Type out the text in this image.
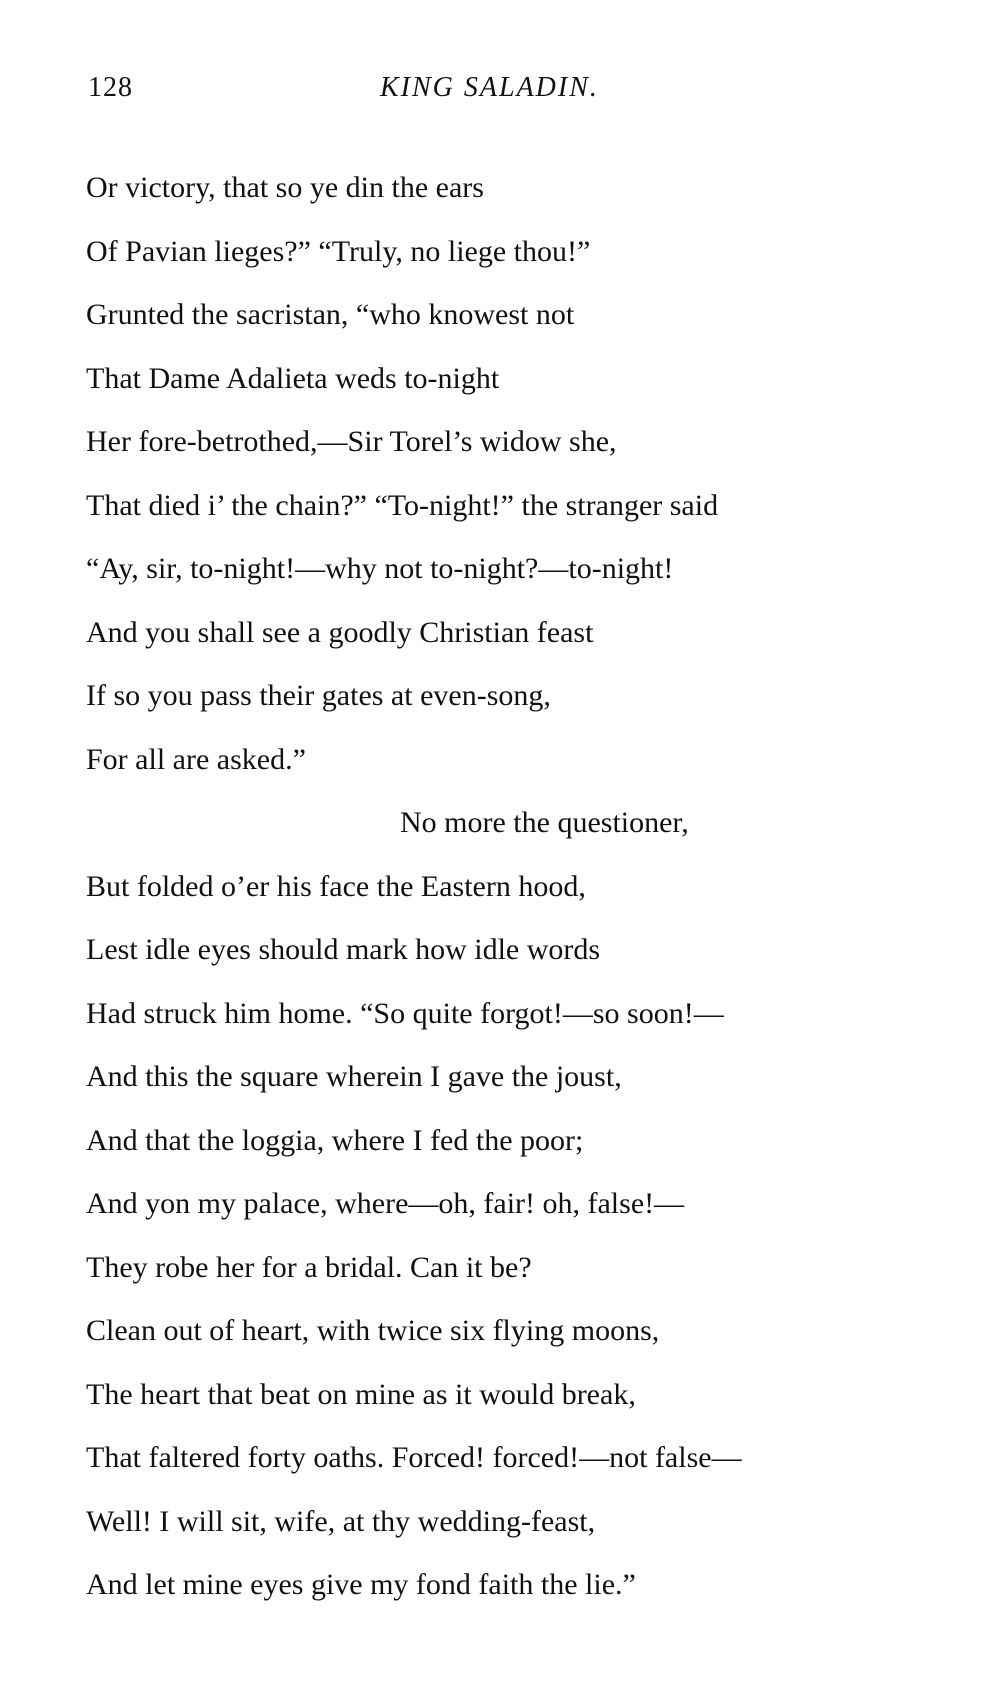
128	KING SALADIN.
Or victory, that so ye din the ears
Of Pavian lieges?” “Truly, no liege thou!”
Grunted the sacristan, “who knowest not
That Dame Adalieta weds to-night
Her fore-betrothed,—Sir Torel’s widow she,
That died i’ the chain?” “To-night!” the stranger said
“Ay, sir, to-night!—why not to-night?—to-night!
And you shall see a goodly Christian feast
If so you pass their gates at even-song,
For all are asked.”
No more the questioner,
But folded o’er his face the Eastern hood,
Lest idle eyes should mark how idle words
Had struck him home. “So quite forgot!—so soon!—
And this the square wherein I gave the joust,
And that the loggia, where I fed the poor;
And yon my palace, where—oh, fair! oh, false!—
They robe her for a bridal. Can it be?
Clean out of heart, with twice six flying moons,
The heart that beat on mine as it would break,
That faltered forty oaths. Forced! forced!—not false—
Well! I will sit, wife, at thy wedding-feast,
And let mine eyes give my fond faith the lie.”
